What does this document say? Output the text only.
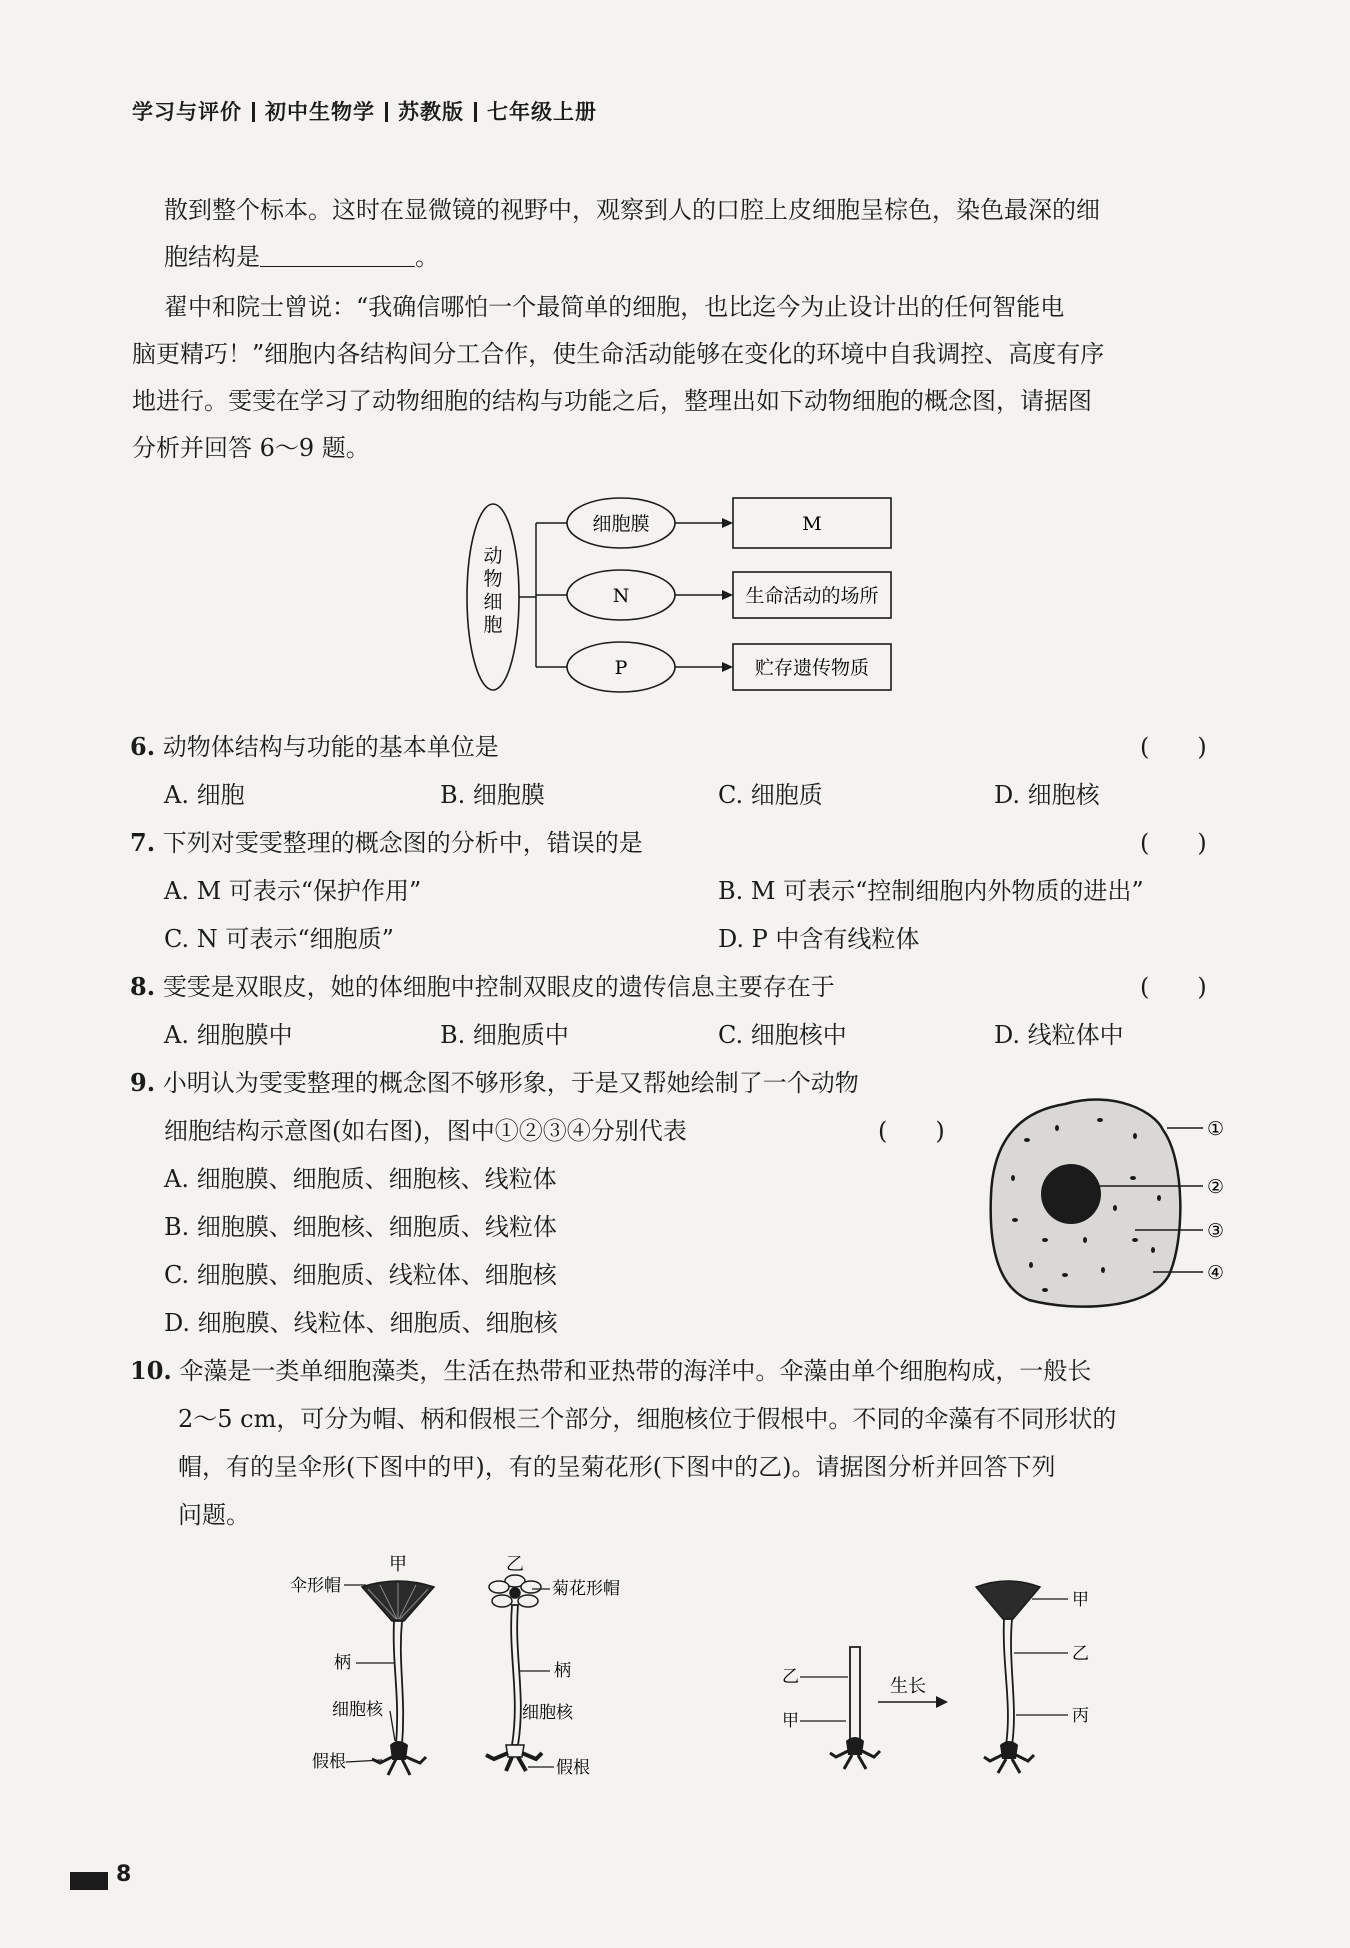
学习与评价 初中生物学 苏教版 七年级上册
散到整个标本。这时在显微镜的视野中，观察到人的口腔上皮细胞呈棕色，染色最深的细
胞结构是	。
翟中和院士曾说：“我确信哪怕一个最简单的细胞，也比迄今为止设计出的任何智能电
脑更精巧！”细胞内各结构间分工合作，使生命活动能够在变化的环境中自我调控、高度有序
地进行。雯雯在学习了动物细胞的结构与功能之后，整理出如下动物细胞的概念图，请据图
分析并回答 6～9 题。
动
物
细
胞
细胞膜
N
P
M
生命活动的场所
贮存遗传物质
6. 动物体结构与功能的基本单位是	(　　)
A. 细胞	B. 细胞膜	C. 细胞质	D. 细胞核
7. 下列对雯雯整理的概念图的分析中，错误的是	(　　)
A. M 可表示“保护作用”	B. M 可表示“控制细胞内外物质的进出”
C. N 可表示“细胞质”	D. P 中含有线粒体
8. 雯雯是双眼皮，她的体细胞中控制双眼皮的遗传信息主要存在于	(　　)
A. 细胞膜中	B. 细胞质中	C. 细胞核中	D. 线粒体中
9. 小明认为雯雯整理的概念图不够形象，于是又帮她绘制了一个动物
细胞结构示意图(如右图)，图中①②③④分别代表	(　　)
A. 细胞膜、细胞质、细胞核、线粒体
B. 细胞膜、细胞核、细胞质、线粒体
C. 细胞膜、细胞质、线粒体、细胞核
D. 细胞膜、线粒体、细胞质、细胞核
①
②
③
④
10. 伞藻是一类单细胞藻类，生活在热带和亚热带的海洋中。伞藻由单个细胞构成，一般长
2～5 cm，可分为帽、柄和假根三个部分，细胞核位于假根中。不同的伞藻有不同形状的
帽，有的呈伞形(下图中的甲)，有的呈菊花形(下图中的乙)。请据图分析并回答下列
问题。
甲
伞形帽
柄
细胞核
假根
乙
菊花形帽
柄
细胞核
假根
乙
甲
生长
甲
乙
丙
8
